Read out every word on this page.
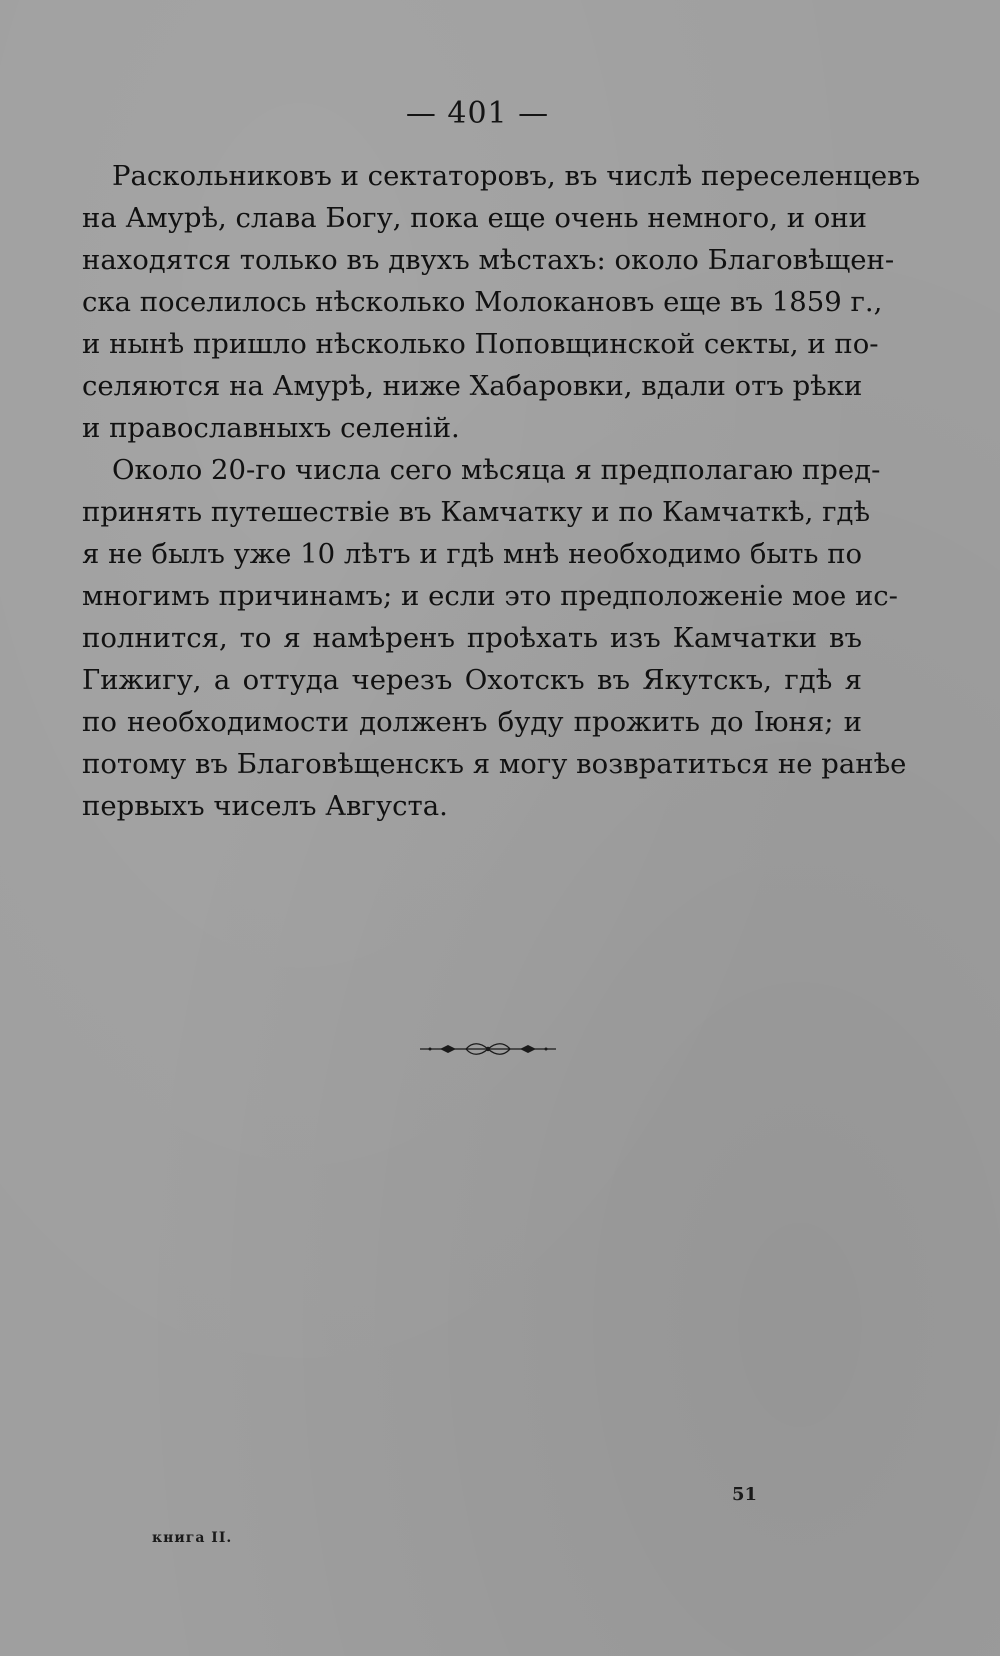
— 401 —
Раскольниковъ и сектаторовъ, въ числѣ переселенцевъ
на Амурѣ, слава Богу, пока еще очень немного, и они
находятся только въ двухъ мѣстахъ: около Благовѣщен-
ска поселилось нѣсколько Молокановъ еще въ 1859 г.,
и нынѣ пришло нѣсколько Поповщинской секты, и по-
селяются на Амурѣ, ниже Хабаровки, вдали отъ рѣки
и православныхъ селеній.
Около 20-го числа сего мѣсяца я предполагаю пред-
принять путешествіе въ Камчатку и по Камчаткѣ, гдѣ
я не былъ уже 10 лѣтъ и гдѣ мнѣ необходимо быть по
многимъ причинамъ; и если это предположеніе мое ис-
полнится, то я намѣренъ проѣхать изъ Камчатки въ
Гижигу, а оттуда черезъ Охотскъ въ Якутскъ, гдѣ я
по необходимости долженъ буду прожить до Іюня; и
потому въ Благовѣщенскъ я могу возвратиться не ранѣе
первыхъ чиселъ Августа.
51
книга II.
